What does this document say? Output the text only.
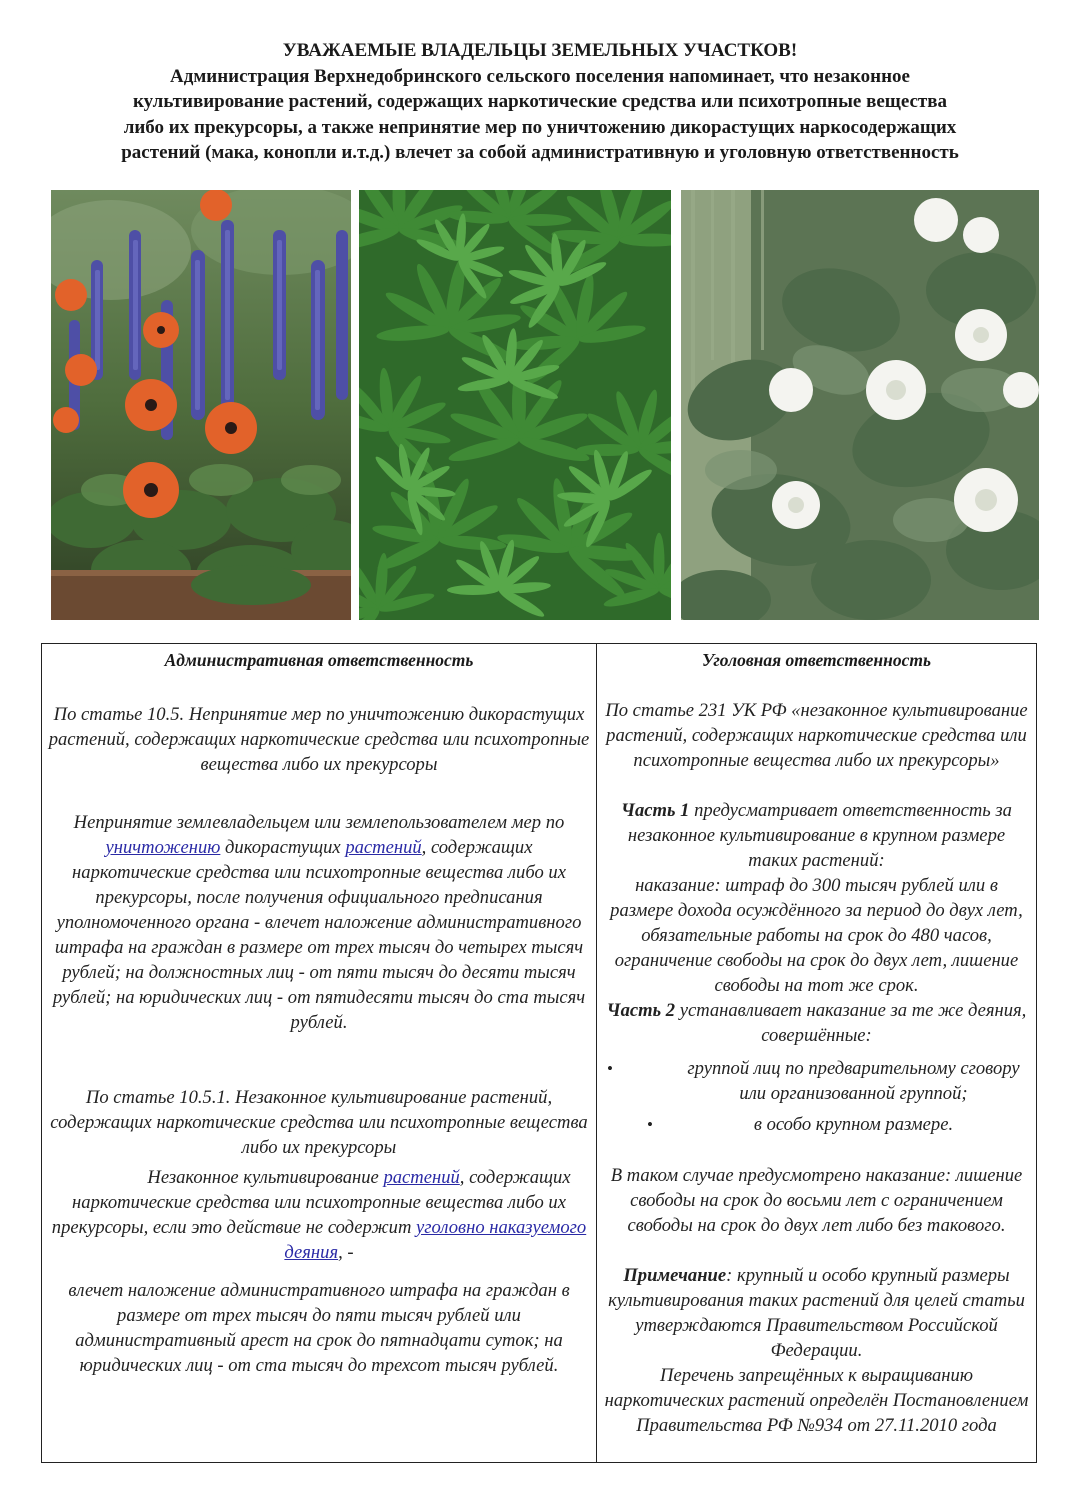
УВАЖАЕМЫЕ ВЛАДЕЛЬЦЫ ЗЕМЕЛЬНЫХ УЧАСТКОВ!
Администрация Верхнедобринского сельского поселения напоминает, что незаконное
культивирование растений, содержащих наркотические средства или психотропные вещества
либо их прекурсоры, а также непринятие мер по уничтожению дикорастущих наркосодержащих
растений (мака, конопли и.т.д.) влечет за собой административную и уголовную ответственность
Административная ответственность
По статье 10.5. Непринятие мер по уничтожению дикорастущих растений, содержащих наркотические средства или психотропные вещества либо их прекурсоры
Непринятие землевладельцем или землепользователем мер по уничтожению дикорастущих растений, содержащих наркотические средства или психотропные вещества либо их прекурсоры, после получения официального предписания уполномоченного органа - влечет наложение административного штрафа на граждан в размере от трех тысяч до четырех тысяч рублей; на должностных лиц - от пяти тысяч до десяти тысяч рублей; на юридических лиц - от пятидесяти тысяч до ста тысяч рублей.
По статье 10.5.1. Незаконное культивирование растений, содержащих наркотические средства или психотропные вещества либо их прекурсоры
Незаконное культивирование растений, содержащих наркотические средства или психотропные вещества либо их прекурсоры, если это действие не содержит уголовно наказуемого деяния, -
влечет наложение административного штрафа на граждан в размере от трех тысяч до пяти тысяч рублей или административный арест на срок до пятнадцати суток; на юридических лиц - от ста тысяч до трехсот тысяч рублей.
Уголовная ответственность
По статье 231 УК РФ «незаконное культивирование растений, содержащих наркотические средства или психотропные вещества либо их прекурсоры»
Часть 1 предусматривает ответственность за незаконное культивирование в крупном размере таких растений:
наказание: штраф до 300 тысяч рублей или в размере дохода осуждённого за период до двух лет, обязательные работы на срок до 480 часов, ограничение свободы на срок до двух лет, лишение свободы на тот же срок.
Часть 2 устанавливает наказание за те же деяния, совершённые:
•	группой лиц по предварительному сговору или организованной группой;
•	в особо крупном размере.
В таком случае предусмотрено наказание: лишение свободы на срок до восьми лет с ограничением свободы на срок до двух лет либо без такового.
Примечание: крупный и особо крупный размеры культивирования таких растений для целей статьи утверждаются Правительством Российской Федерации.
Перечень запрещённых к выращиванию наркотических растений определён Постановлением Правительства РФ №934 от 27.11.2010 года
